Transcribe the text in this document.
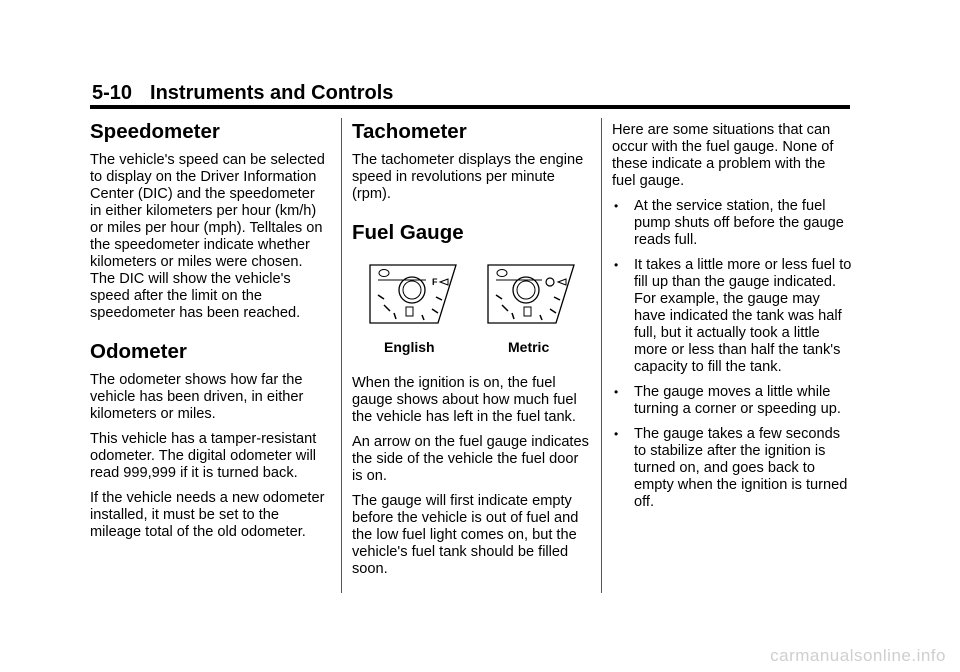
5-10 Instruments and Controls
Speedometer

The vehicle's speed can be selected to display on the Driver Information Center (DIC) and the speedometer in either kilometers per hour (km/h) or miles per hour (mph). Telltales on the speedometer indicate whether kilometers or miles were chosen. The DIC will show the vehicle's speed after the limit on the speedometer has been reached.

Odometer

The odometer shows how far the vehicle has been driven, in either kilometers or miles.

This vehicle has a tamper-resistant odometer. The digital odometer will read 999,999 if it is turned back.

If the vehicle needs a new odometer installed, it must be set to the mileage total of the old odometer.

Tachometer

The tachometer displays the engine speed in revolutions per minute (rpm).

Fuel Gauge
F
English	Metric

When the ignition is on, the fuel gauge shows about how much fuel the vehicle has left in the fuel tank.

An arrow on the fuel gauge indicates the side of the vehicle the fuel door is on.

The gauge will first indicate empty before the vehicle is out of fuel and the low fuel light comes on, but the vehicle's fuel tank should be filled soon.

Here are some situations that can occur with the fuel gauge. None of these indicate a problem with the fuel gauge.

• At the service station, the fuel pump shuts off before the gauge reads full.
• It takes a little more or less fuel to fill up than the gauge indicated. For example, the gauge may have indicated the tank was half full, but it actually took a little more or less than half the tank's capacity to fill the tank.
• The gauge moves a little while turning a corner or speeding up.
• The gauge takes a few seconds to stabilize after the ignition is turned on, and goes back to empty when the ignition is turned off.
carmanualsonline.info
